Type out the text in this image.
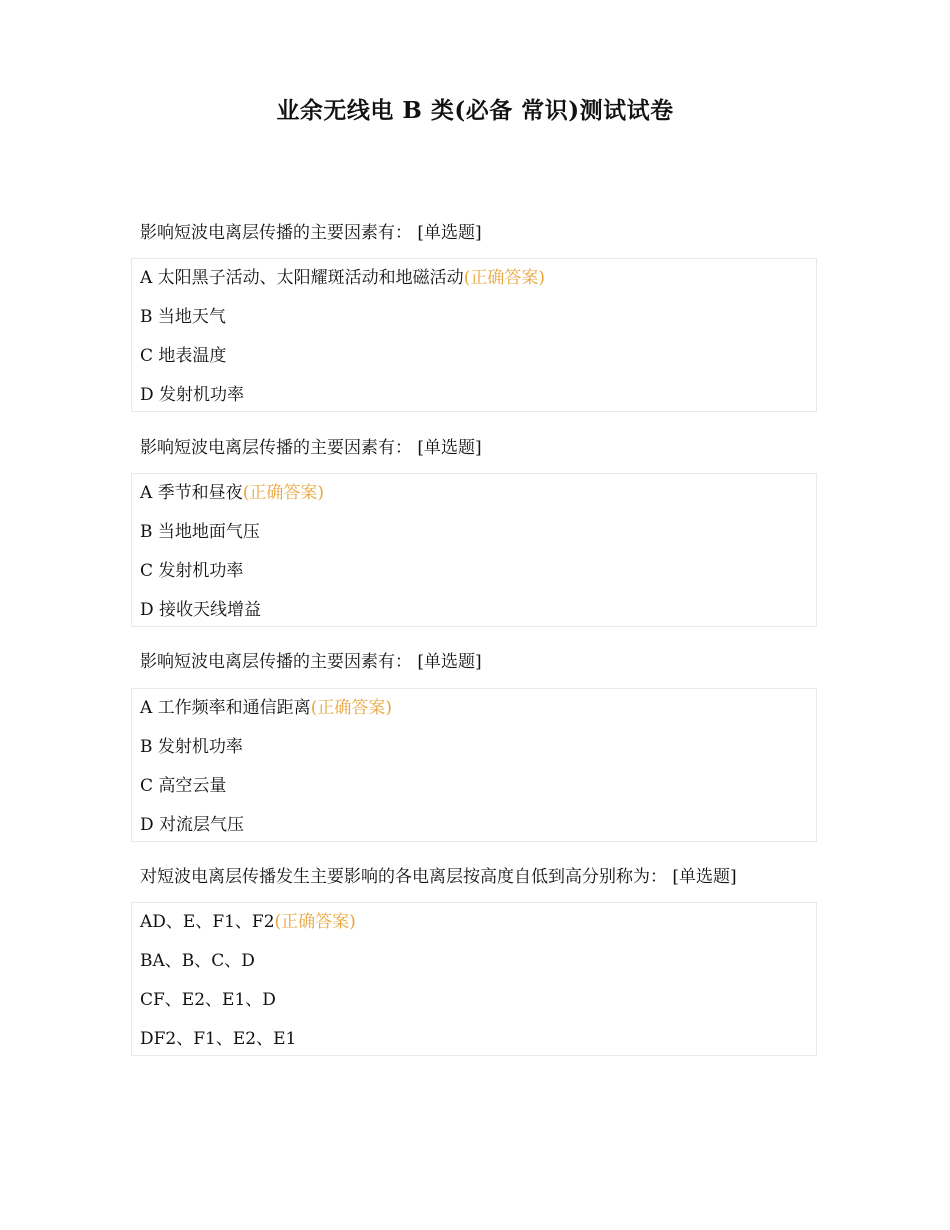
业余无线电 B 类(必备 常识)测试试卷
影响短波电离层传播的主要因素有： [单选题]
A 太阳黑子活动、太阳耀斑活动和地磁活动(正确答案)
B 当地天气
C 地表温度
D 发射机功率
影响短波电离层传播的主要因素有： [单选题]
A 季节和昼夜(正确答案)
B 当地地面气压
C 发射机功率
D 接收天线增益
影响短波电离层传播的主要因素有： [单选题]
A 工作频率和通信距离(正确答案)
B 发射机功率
C 高空云量
D 对流层气压
对短波电离层传播发生主要影响的各电离层按高度自低到高分别称为： [单选题]
AD、E、F1、F2(正确答案)
BA、B、C、D
CF、E2、E1、D
DF2、F1、E2、E1
